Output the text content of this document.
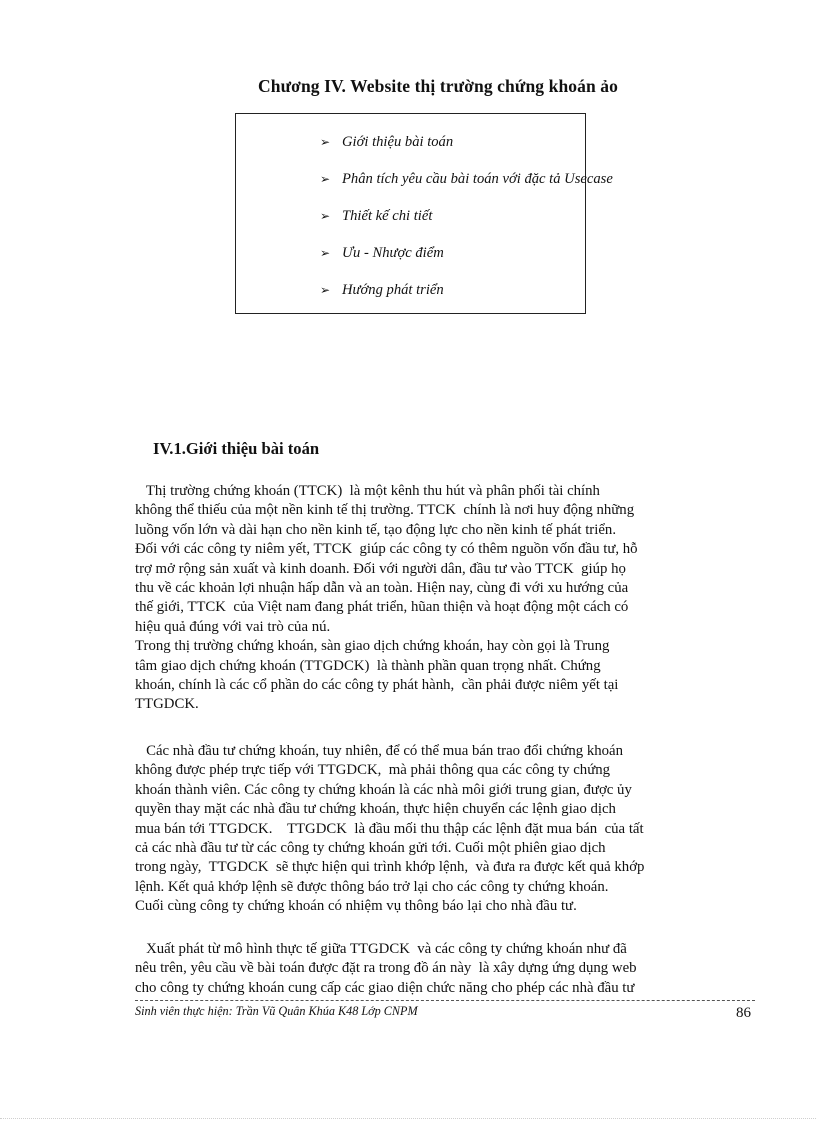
Chương IV. Website thị trường chứng khoán ảo
➢ Giới thiệu bài toán
➢ Phân tích yêu cầu bài toán với đặc tả Usecase
➢ Thiết kế chi tiết
➢ Ưu - Nhược điểm
➢ Hướng phát triển
IV.1.Giới thiệu bài toán
Thị trường chứng khoán (TTCK)  là một kênh thu hút và phân phối tài chính
không thể thiếu của một nền kinh tế thị trường. TTCK  chính là nơi huy động những
luồng vốn lớn và dài hạn cho nền kinh tế, tạo động lực cho nền kinh tế phát triển.
Đối với các công ty niêm yết, TTCK  giúp các công ty có thêm nguồn vốn đầu tư, hỗ
trợ mở rộng sản xuất và kinh doanh. Đối với người dân, đầu tư vào TTCK  giúp họ
thu về các khoản lợi nhuận hấp dẫn và an toàn. Hiện nay, cùng đi với xu hướng của
thế giới, TTCK  của Việt nam đang phát triển, hũan thiện và hoạt động một cách có
hiệu quả đúng với vai trò của nú.
Trong thị trường chứng khoán, sàn giao dịch chứng khoán, hay còn gọi là Trung
tâm giao dịch chứng khoán (TTGDCK)  là thành phần quan trọng nhất. Chứng
khoán, chính là các cổ phần do các công ty phát hành,  cần phải được niêm yết tại
TTGDCK.
Các nhà đầu tư chứng khoán, tuy nhiên, để có thể mua bán trao đổi chứng khoán
không được phép trực tiếp với TTGDCK,  mà phải thông qua các công ty chứng
khoán thành viên. Các công ty chứng khoán là các nhà môi giới trung gian, được ủy
quyền thay mặt các nhà đầu tư chứng khoán, thực hiện chuyển các lệnh giao dịch
mua bán tới TTGDCK.    TTGDCK  là đầu mối thu thập các lệnh đặt mua bán  của tất
cả các nhà đầu tư từ các công ty chứng khoán gửi tới. Cuối một phiên giao dịch
trong ngày,  TTGDCK  sẽ thực hiện qui trình khớp lệnh,  và đưa ra được kết quả khớp
lệnh. Kết quả khớp lệnh sẽ được thông báo trở lại cho các công ty chứng khoán.
Cuối cùng công ty chứng khoán có nhiệm vụ thông báo lại cho nhà đầu tư.
Xuất phát từ mô hình thực tế giữa TTGDCK  và các công ty chứng khoán như đã
nêu trên, yêu cầu về bài toán được đặt ra trong đồ án này  là xây dựng ứng dụng web
cho công ty chứng khoán cung cấp các giao diện chức năng cho phép các nhà đầu tư
Sinh viên thực hiện: Trần Vũ Quân Khúa K48 Lớp CNPM	86
